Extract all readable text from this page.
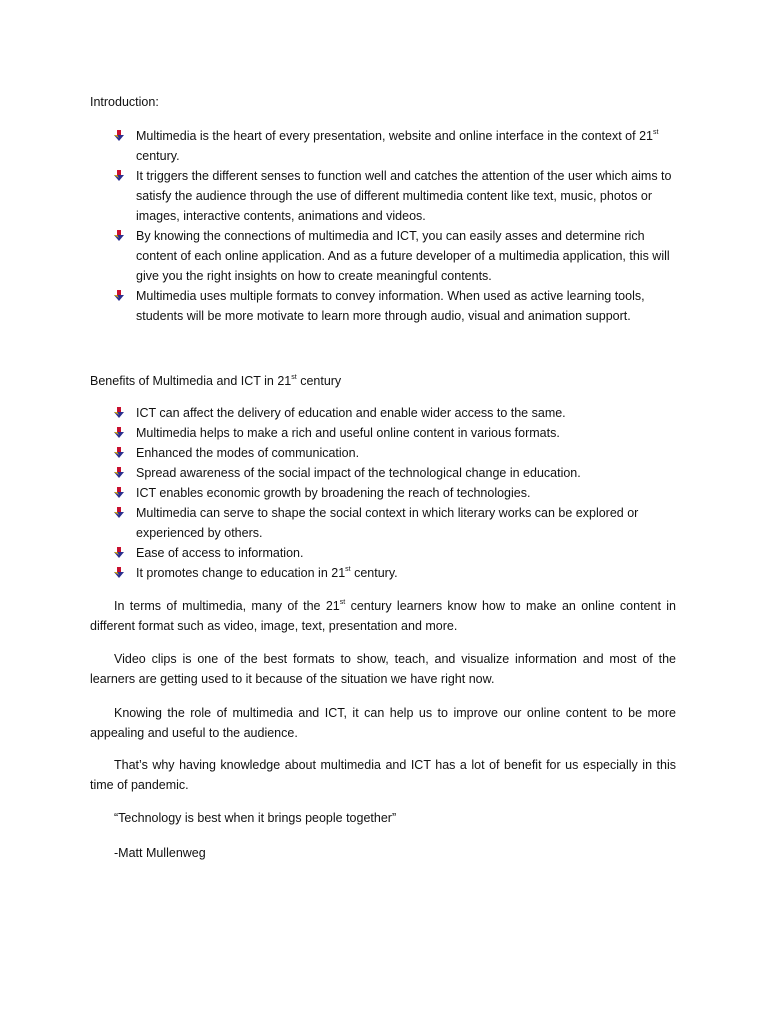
Introduction:
Multimedia is the heart of every presentation, website and online interface in the context of 21st century.
It triggers the different senses to function well and catches the attention of the user which aims to satisfy the audience through the use of different multimedia content like text, music, photos or images, interactive contents, animations and videos.
By knowing the connections of multimedia and ICT, you can easily asses and determine rich content of each online application. And as a future developer of a multimedia application, this will give you the right insights on how to create meaningful contents.
Multimedia uses multiple formats to convey information. When used as active learning tools, students will be more motivate to learn more through audio, visual and animation support.
Benefits of Multimedia and ICT in 21st century
ICT can affect the delivery of education and enable wider access to the same.
Multimedia helps to make a rich and useful online content in various formats.
Enhanced the modes of communication.
Spread awareness of the social impact of the technological change in education.
ICT enables economic growth by broadening the reach of technologies.
Multimedia can serve to shape the social context in which literary works can be explored or experienced by others.
Ease of access to information.
It promotes change to education in 21st century.

In terms of multimedia, many of the 21st century learners know how to make an online content in different format such as video, image, text, presentation and more.

Video clips is one of the best formats to show, teach, and visualize information and most of the learners are getting used to it because of the situation we have right now.

Knowing the role of multimedia and ICT, it can help us to improve our online content to be more appealing and useful to the audience.

That’s why having knowledge about multimedia and ICT has a lot of benefit for us especially in this time of pandemic.

“Technology is best when it brings people together”

-Matt Mullenweg
